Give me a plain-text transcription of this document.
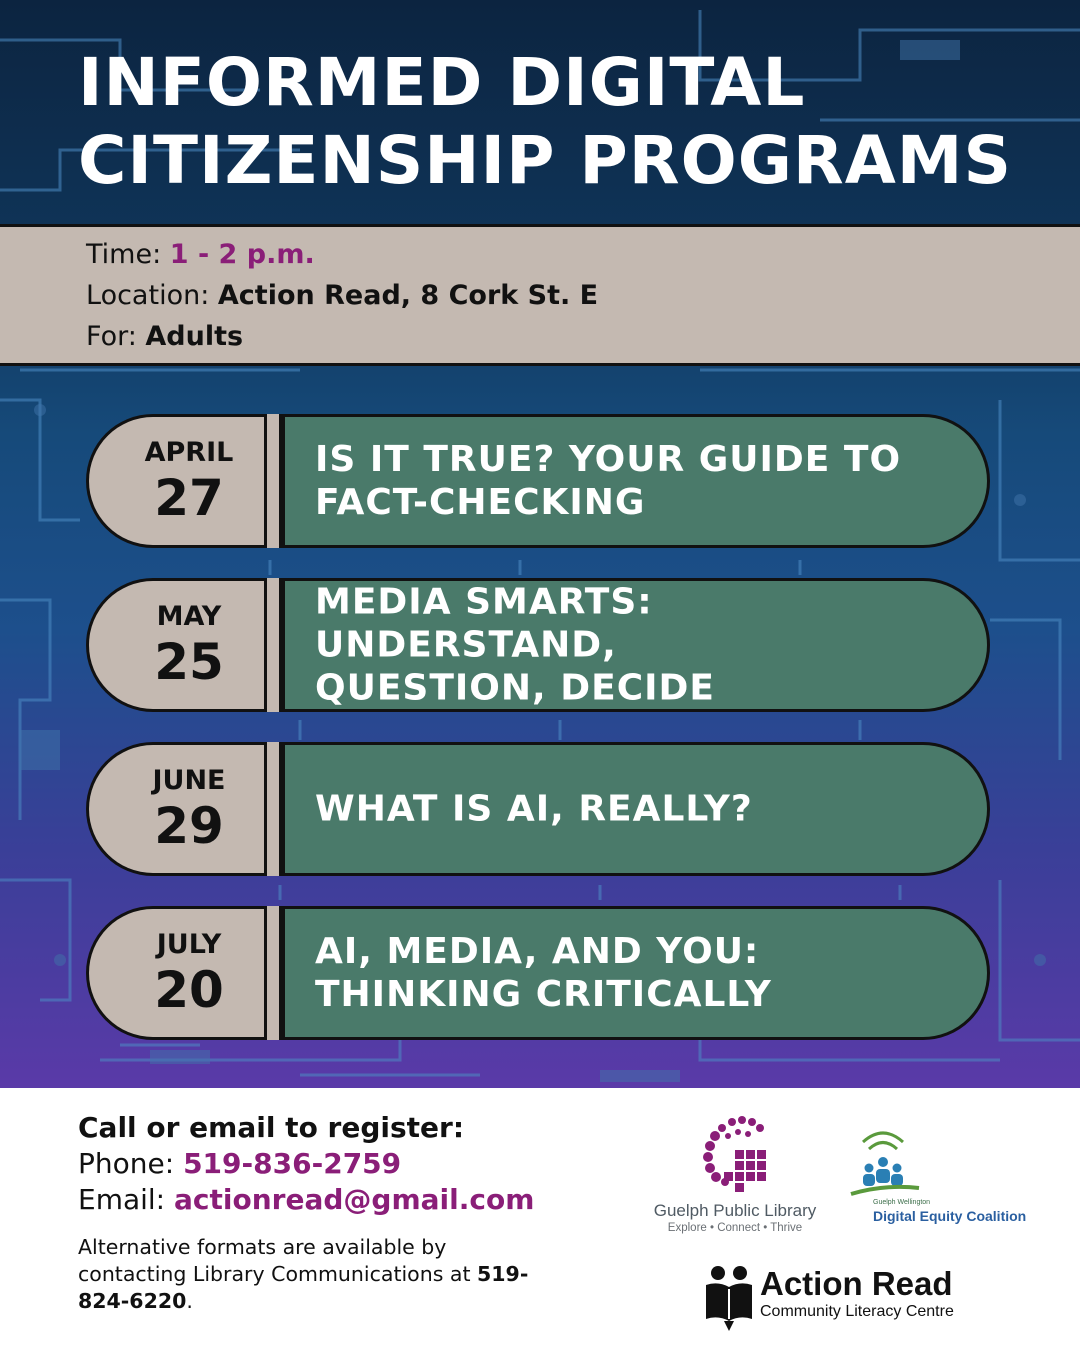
INFORMED DIGITAL
CITIZENSHIP PROGRAMS
Time: 1 - 2 p.m.
Location: Action Read, 8 Cork St. E
For: Adults
APRIL
27
IS IT TRUE? YOUR GUIDE TO
FACT-CHECKING
MAY
25
MEDIA SMARTS: UNDERSTAND,
QUESTION, DECIDE
JUNE
29	WHAT IS AI, REALLY?
JULY
20
AI, MEDIA, AND YOU:
THINKING CRITICALLY
Call or email to register:
Phone: 519-836-2759
Email: actionread@gmail.com
Alternative formats are available by contacting Library Communications at 519-824-6220.
Guelph Public Library
Explore • Connect • Thrive
Guelph Wellington
Digital Equity Coalition
Action Read
Community Literacy Centre
